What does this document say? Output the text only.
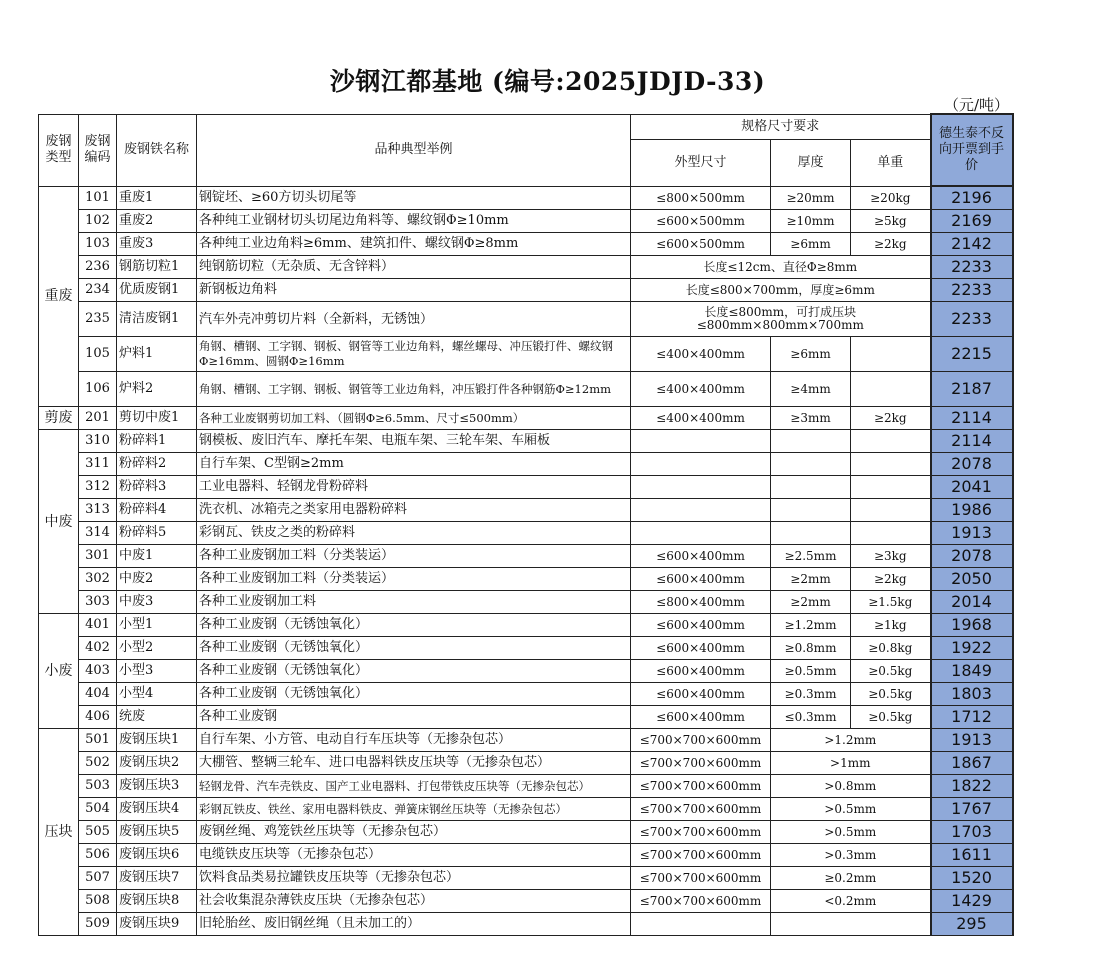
沙钢江都基地 (编号:2025JDJD-33)
（元/吨）
废钢类型	废钢编码	废钢铁名称	品种典型举例	规格尺寸要求			德生泰不反向开票到手价
				外型尺寸	厚度	单重	
重废	101	重废1	钢锭坯、≥60方切头切尾等	≤800×500mm	≥20mm	≥20kg	2196
	102	重废2	各种纯工业钢材切头切尾边角料等、螺纹钢Φ≥10mm	≤600×500mm	≥10mm	≥5kg	2169
	103	重废3	各种纯工业边角料≥6mm、建筑扣件、螺纹钢Φ≥8mm	≤600×500mm	≥6mm	≥2kg	2142
	236	钢筋切粒1	纯钢筋切粒（无杂质、无含锌料）	长度≤12cm、直径Φ≥8mm			2233
	234	优质废钢1	新钢板边角料	长度≤800×700mm，厚度≥6mm			2233
	235	清洁废钢1	汽车外壳冲剪切片料（全新料，无锈蚀）	长度≤800mm，可打成压块≤800mm×800mm×700mm			2233
	105	炉料1	角钢、槽钢、工字钢、钢板、钢管等工业边角料，螺丝螺母、冲压锻打件、螺纹钢Φ≥16mm、圆钢Φ≥16mm	≤400×400mm	≥6mm		2215
	106	炉料2	角钢、槽钢、工字钢、钢板、钢管等工业边角料，冲压锻打件各种钢筋Φ≥12mm	≤400×400mm	≥4mm		2187
剪废	201	剪切中废1	各种工业废钢剪切加工料、（圆钢Φ≥6.5mm、尺寸≤500mm）	≤400×400mm	≥3mm	≥2kg	2114
中废	310	粉碎料1	钢模板、废旧汽车、摩托车架、电瓶车架、三轮车架、车厢板				2114
	311	粉碎料2	自行车架、C型钢≥2mm				2078
	312	粉碎料3	工业电器料、轻钢龙骨粉碎料				2041
	313	粉碎料4	洗衣机、冰箱壳之类家用电器粉碎料				1986
	314	粉碎料5	彩钢瓦、铁皮之类的粉碎料				1913
	301	中废1	各种工业废钢加工料（分类装运）	≤600×400mm	≥2.5mm	≥3kg	2078
	302	中废2	各种工业废钢加工料（分类装运）	≤600×400mm	≥2mm	≥2kg	2050
	303	中废3	各种工业废钢加工料	≤800×400mm	≥2mm	≥1.5kg	2014
小废	401	小型1	各种工业废钢（无锈蚀氧化）	≤600×400mm	≥1.2mm	≥1kg	1968
	402	小型2	各种工业废钢（无锈蚀氧化）	≤600×400mm	≥0.8mm	≥0.8kg	1922
	403	小型3	各种工业废钢（无锈蚀氧化）	≤600×400mm	≥0.5mm	≥0.5kg	1849
	404	小型4	各种工业废钢（无锈蚀氧化）	≤600×400mm	≥0.3mm	≥0.5kg	1803
	406	统废	各种工业废钢	≤600×400mm	≤0.3mm	≥0.5kg	1712
压块	501	废钢压块1	自行车架、小方管、电动自行车压块等（无掺杂包芯）	≤700×700×600mm	>1.2mm		1913
	502	废钢压块2	大棚管、整辆三轮车、进口电器料铁皮压块等（无掺杂包芯）	≤700×700×600mm	>1mm		1867
	503	废钢压块3	轻钢龙骨、汽车壳铁皮、国产工业电器料、打包带铁皮压块等（无掺杂包芯）	≤700×700×600mm	>0.8mm		1822
	504	废钢压块4	彩钢瓦铁皮、铁丝、家用电器料铁皮、弹簧床钢丝压块等（无掺杂包芯）	≤700×700×600mm	>0.5mm		1767
	505	废钢压块5	废钢丝绳、鸡笼铁丝压块等（无掺杂包芯）	≤700×700×600mm	>0.5mm		1703
	506	废钢压块6	电缆铁皮压块等（无掺杂包芯）	≤700×700×600mm	>0.3mm		1611
	507	废钢压块7	饮料食品类易拉罐铁皮压块等（无掺杂包芯）	≤700×700×600mm	≥0.2mm		1520
	508	废钢压块8	社会收集混杂薄铁皮压块（无掺杂包芯）	≤700×700×600mm	<0.2mm		1429
	509	废钢压块9	旧轮胎丝、废旧钢丝绳（且未加工的）				295
